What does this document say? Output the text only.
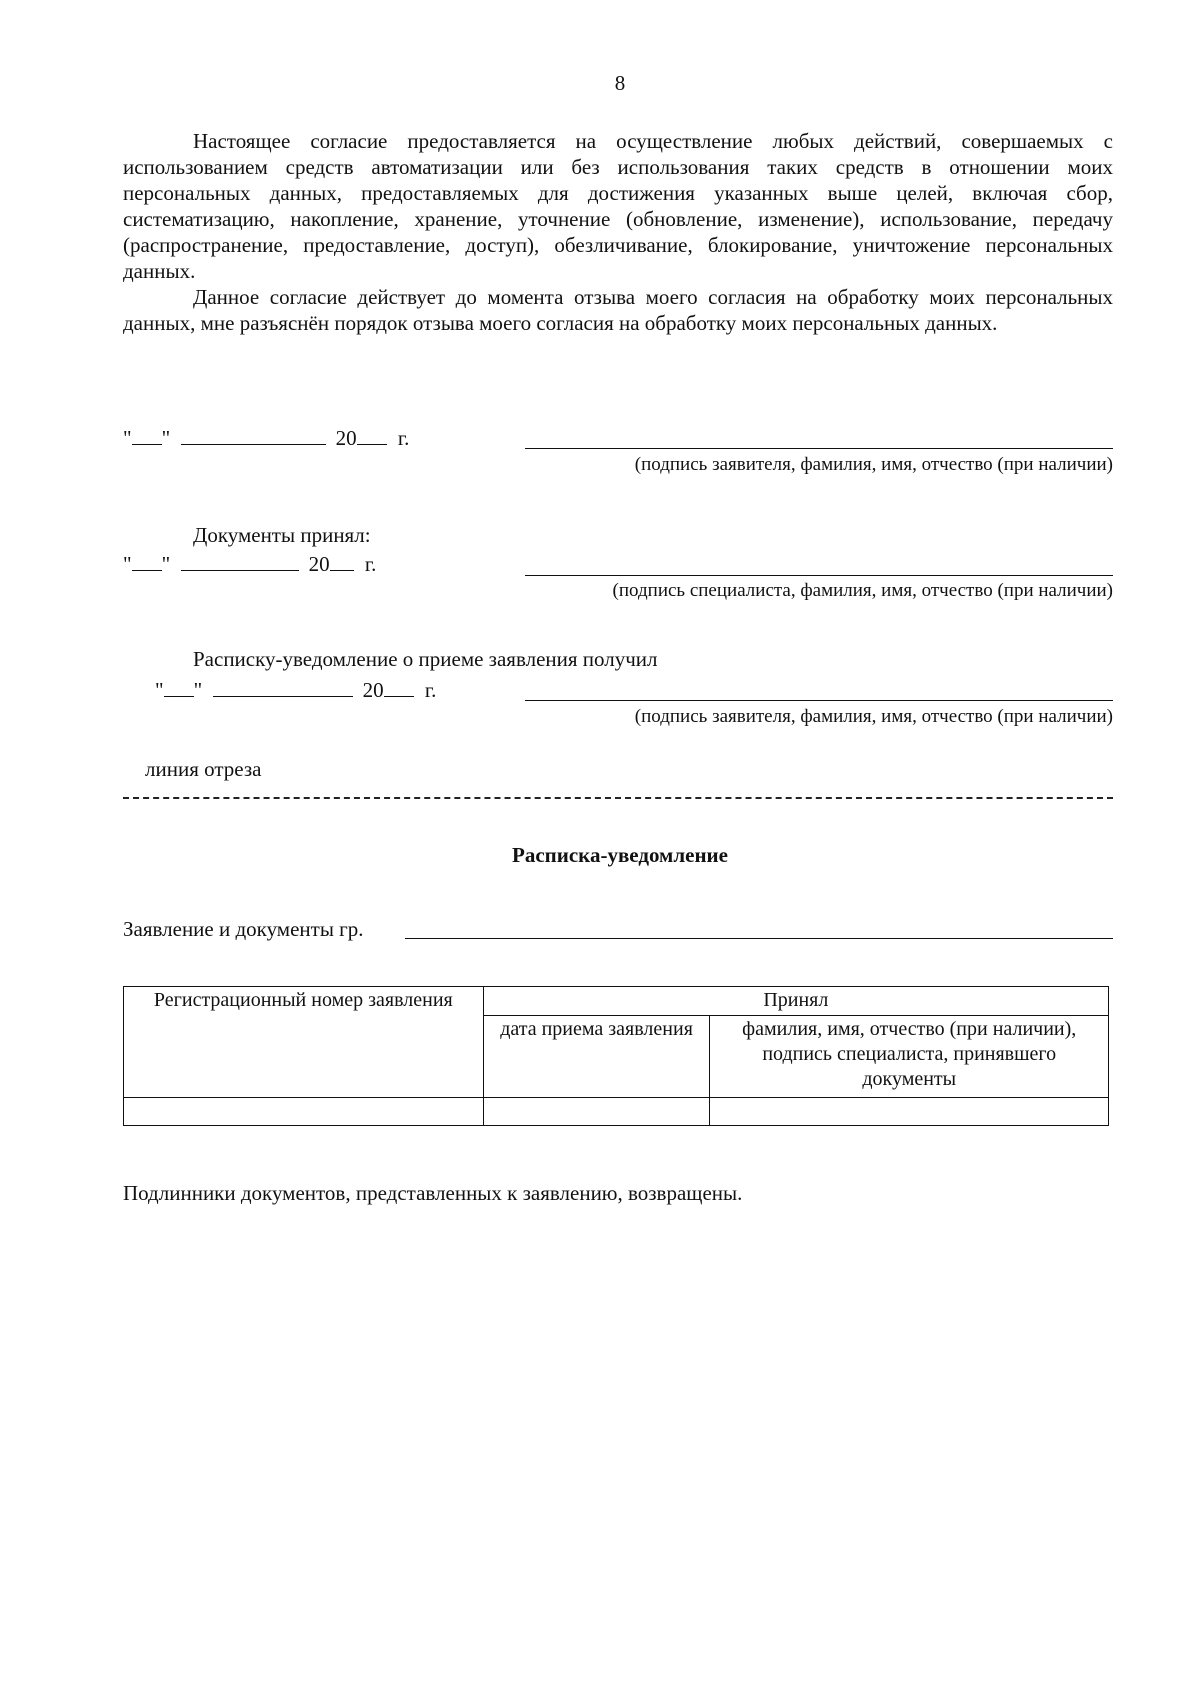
8

Настоящее согласие предоставляется на осуществление любых действий, совершаемых с использованием средств автоматизации или без использования таких средств в отношении моих персональных данных, предоставляемых для достижения указанных выше целей, включая сбор, систематизацию, накопление, хранение, уточнение (обновление, изменение), использование, передачу (распространение, предоставление, доступ), обезличивание, блокирование, уничтожение персональных данных.

Данное согласие действует до момента отзыва моего согласия на обработку моих персональных данных, мне разъяснён порядок отзыва моего согласия на обработку моих персональных данных.

" "	20 г.
(подпись заявителя, фамилия, имя, отчество (при наличии)
Документы принял:
" "	20 г.
(подпись специалиста, фамилия, имя, отчество (при наличии)
Расписку-уведомление о приеме заявления получил
" "	20 г.
(подпись заявителя, фамилия, имя, отчество (при наличии)
линия отреза
Расписка-уведомление
Заявление и документы гр.
Регистрационный номер заявления	Принял	
	дата приема заявления	фамилия, имя, отчество (при наличии), подпись специалиста, принявшего документы

Подлинники документов, представленных к заявлению, возвращены.
